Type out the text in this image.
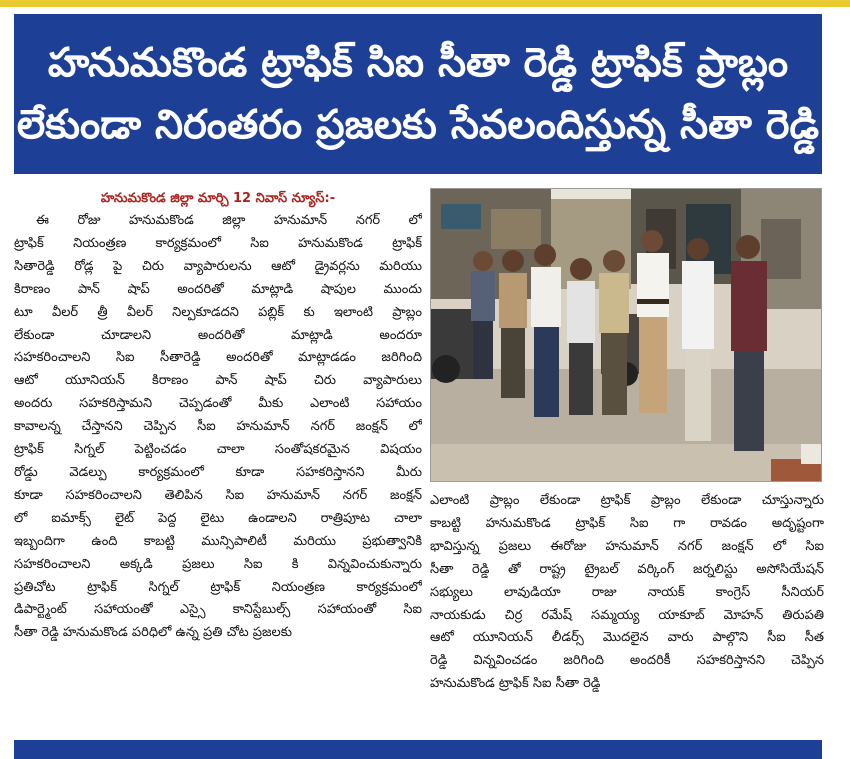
హనుమకొండ ట్రాఫిక్ సిఐ సీతా రెడ్డి ట్రాఫిక్ ప్రాబ్లం
లేకుండా నిరంతరం ప్రజలకు సేవలందిస్తున్న సీతా రెడ్డి
హనుమకొండ జిల్లా మార్చి 12 నివాస్ న్యూస్:-
ఈ రోజు హనుమకొండ జిల్లా హనుమాన్ నగర్ లో
ట్రాఫిక్ నియంత్రణ కార్యక్రమంలో సిఐ హనుమకొండ ట్రాఫిక్
సితారెడ్డి రోడ్ల పై చిరు వ్యాపారులను ఆటో డ్రైవర్లను మరియు
కిరాణం పాన్ షాప్ అందరితో మాట్లాడి షాపుల ముందు
టూ వీలర్ త్రీ వీలర్ నిల్పకూడదని పబ్లిక్ కు ఇలాంటి ప్రాబ్లం
లేకుండా చూడాలని అందరితో మాట్లాడి అందరూ
సహకరించాలని సిఐ సీతారెడ్డి అందరితో మాట్లాడడం జరిగింది
ఆటో యూనియన్ కిరాణం పాన్ షాప్ చిరు వ్యాపారులు
అందరు సహకరిస్తామని చెప్పడంతో మీకు ఎలాంటి సహాయం
కావాలన్న చేస్తానని చెప్పిన సీఐ హనుమాన్ నగర్ జంక్షన్ లో
ట్రాఫిక్ సిగ్నల్ పెట్టించడం చాలా సంతోషకరమైన విషయం
రోడ్డు వెడల్పు కార్యక్రమంలో కూడా సహకరిస్తానని మీరు
కూడా సహకరించాలని తెలిపిన సిఐ హనుమాన్ నగర్ జంక్షన్
లో ఐమాక్స్ లైట్ పెద్ద లైటు ఉండాలని రాత్రిపూట చాలా
ఇబ్బందిగా ఉంది కాబట్టి మున్సిపాలిటీ మరియు ప్రభుత్వానికి
సహకరించాలని అక్కడి ప్రజలు సిఐ కి విన్నవించుకున్నారు
ప్రతిచోట ట్రాఫిక్ సిగ్నల్ ట్రాఫిక్ నియంత్రణ కార్యక్రమంలో
డిపార్ట్మెంట్ సహాయంతో ఎస్సై కానిస్టేబుల్స్ సహాయంతో సిఐ
సీతా రెడ్డి హనుమకొండ పరిధిలో ఉన్న ప్రతి చోట ప్రజలకు
ఎలాంటి ప్రాబ్లం లేకుండా ట్రాఫిక్ ప్రాబ్లం లేకుండా చూస్తున్నారు
కాబట్టి హనుమకొండ ట్రాఫిక్ సిఐ గా రావడం అదృష్టంగా
భావిస్తున్న ప్రజలు ఈరోజు హనుమాన్ నగర్ జంక్షన్ లో సిఐ
సీతా రెడ్డి తో రాష్ట్ర ట్రైబల్ వర్కింగ్ జర్నలిస్టు అసోసియేషన్
సభ్యులు లావుడియా రాజు నాయక్ కాంగ్రెస్ సీనియర్
నాయకుడు చిర్ర రమేష్ సమ్మయ్య యాకూబ్ మోహన్ తిరుపతి
ఆటో యూనియన్ లీడర్స్ మొదలైన వారు పాల్గొని సీఐ సీత
రెడ్డి విన్నవించడం జరిగింది అందరికీ సహకరిస్తానని చెప్పిన
హనుమకొండ ట్రాఫిక్ సిఐ సీతా రెడ్డి
